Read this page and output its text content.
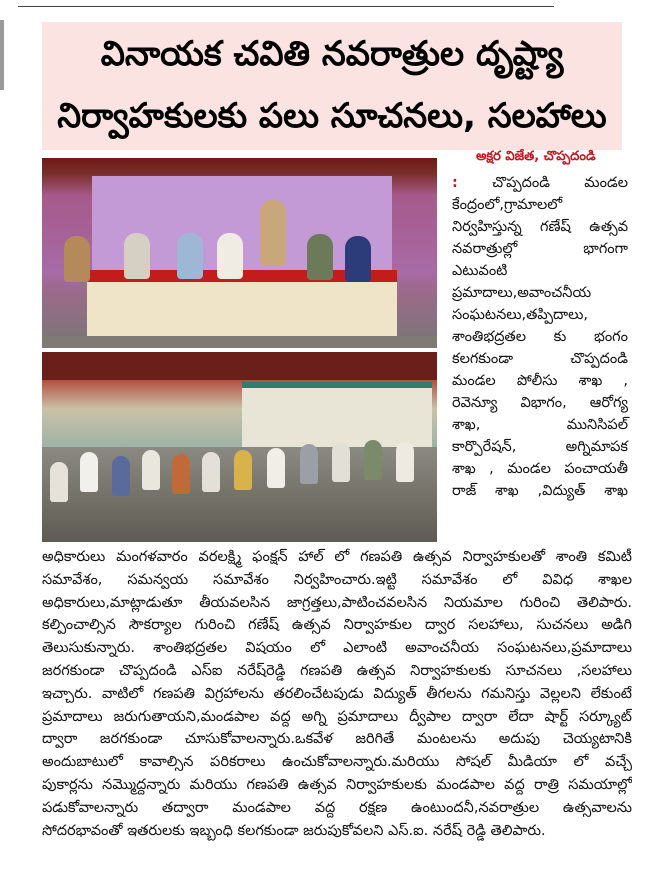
వినాయక చవితి నవరాత్రుల దృష్ట్యా
నిర్వాహకులకు పలు సూచనలు, సలహాలు
అక్షర విజేత, చొప్పదండి
: చొప్పదండి మండల
కేంద్రంలో,గ్రామాలలో
నిర్వహిస్తున్న గణేష్ ఉత్సవ
నవరాత్రుల్లో భాగంగా
ఎటువంటి
ప్రమాదాలు,అవాంచనీయ
సంఘటనలు,తప్పిదాలు,
శాంతిభద్రతల కు భంగం
కలగకుండా చొప్పదండి
మండల పోలీసు శాఖ ,
రెవెన్యూ విభాగం, ఆరోగ్య
శాఖ, మునిసిపల్
కార్పొరేషన్, అగ్నిమాపక
శాఖ , మండల పంచాయతీ
రాజ్ శాఖ ,విద్యుత్ శాఖ
అధికారులు మంగళవారం వరలక్ష్మి ఫంక్షన్ హాల్ లో గణపతి ఉత్సవ నిర్వాహకులతో శాంతి కమిటీ
సమావేశం, సమన్వయ సమావేశం నిర్వహించారు.ఇట్టి సమావేశం లో వివిధ శాఖల
అధికారులు,మాట్లాడుతూ తీయవలసిన జాగ్రత్తలు,పాటించవలసిన నియమాల గురించి తెలిపారు.
కల్పించాల్సిన సౌకర్యాల గురించి గణేష్ ఉత్సవ నిర్వాహకుల ద్వార సలహాలు, సుచనలు అడిగి
తెలుసుకున్నారు. శాంతిభద్రతల విషయం లో ఎలాంటి అవాంచనీయ సంఘటనలు,ప్రమాదాలు
జరగకుండా చొప్పదండి ఎస్ఐ నరేష్‌రెడ్డి గణపతి ఉత్సవ నిర్వాహకులకు సూచనలు ,సలహాలు
ఇచ్చారు. వాటిలో గణపతి విగ్రహాలను తరలించేటపుడు విద్యుత్ తీగలను గమనిస్తు వెల్లలని లేకుంటే
ప్రమాదాలు జరుగుతాయని,మండపాల వద్ద అగ్ని ప్రమాదాలు ద్వీపాల ద్వారా లేదా షార్ట్ సర్క్యూట్
ద్వారా జరగకుండా చూసుకోవాలన్నారు.ఒకవేళ జరిగితే మంటలను అదుపు చెయ్యటానికి
అందుబాటులో కావాల్సిన పరికరాలు ఉంచుకోవాలన్నారు.మరియు సోషల్ మీడియా లో వచ్చే
పుకార్లను నమ్మొద్దన్నారు మరియు గణపతి ఉత్సవ నిర్వాహకులకు మండపాల వద్ద రాత్రి సమయాల్లో
పడుకోవాలన్నారు తద్వారా మండపాల వద్ద రక్షణ ఉంటుందనీ,నవరాత్రుల ఉత్సవాలను
సోదరభావంతో ఇతరులకు ఇబ్బంధి కలగకుండా జరుపుకోవలని ఎస్.ఐ. నరేష్ రెడ్డి తెలిపారు.
